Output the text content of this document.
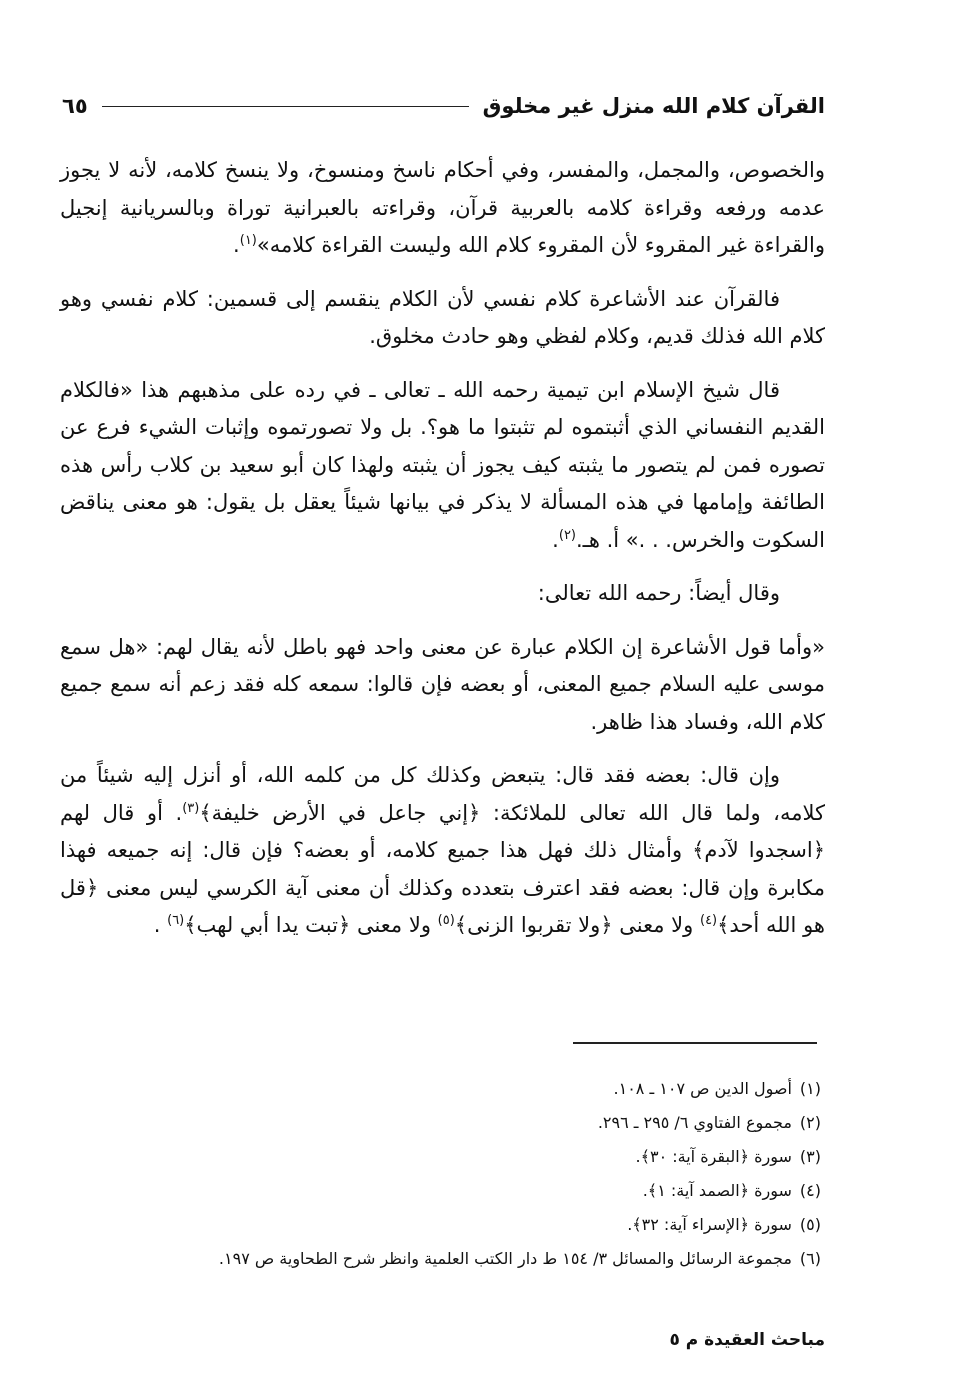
القرآن كلام الله منزل غير مخلوق
٦٥

والخصوص، والمجمل، والمفسر، وفي أحكام ناسخ ومنسوخ، ولا ينسخ كلامه، لأنه لا يجوز عدمه ورفعه وقراءة كلامه بالعربية قرآن، وقراءته بالعبرانية توراة وبالسريانية إنجيل والقراءة غير المقروء لأن المقروء كلام الله وليست القراءة كلامه»$^{(١)}$.

فالقرآن عند الأشاعرة كلام نفسي لأن الكلام ينقسم إلى قسمين: كلام نفسي وهو كلام الله فذلك قديم، وكلام لفظي وهو حادث مخلوق.

قال شيخ الإسلام ابن تيمية رحمه الله ـ تعالى ـ في رده على مذهبهم هذا «فالكلام القديم النفساني الذي أثبتموه لم تثبتوا ما هو؟. بل ولا تصورتموه وإثبات الشيء فرع عن تصوره فمن لم يتصور ما يثبته كيف يجوز أن يثبته ولهذا كان أبو سعيد بن كلاب رأس هذه الطائفة وإمامها في هذه المسألة لا يذكر في بيانها شيئاً يعقل بل يقول: هو معنى يناقض السكوت والخرس. . .» أ. هـ.$^{(٢)}$.

وقال أيضاً: رحمه الله تعالى:

«وأما قول الأشاعرة إن الكلام عبارة عن معنى واحد فهو باطل لأنه يقال لهم: «هل سمع موسى عليه السلام جميع المعنى، أو بعضه فإن قالوا: سمعه كله فقد زعم أنه سمع جميع كلام الله، وفساد هذا ظاهر.

وإن قال: بعضه فقد قال: يتبعض وكذلك كل من كلمه الله، أو أنزل إليه شيئاً من كلامه، ولما قال الله تعالى للملائكة: ﴿إني جاعل في الأرض خليفة﴾$^{(٣)}$. أو قال لهم ﴿اسجدوا لآدم﴾ وأمثال ذلك فهل هذا جميع كلامه، أو بعضه؟ فإن قال: إنه جميعه فهذا مكابرة وإن قال: بعضه فقد اعترف بتعدده وكذلك أن معنى آية الكرسي ليس معنى ﴿قل هو الله أحد﴾$^{(٤)}$ ولا معنى ﴿ولا تقربوا الزنى﴾$^{(٥)}$ ولا معنى ﴿تبت يدا أبي لهب﴾$^{(٦)}$ .

(١)أصول الدين ص ١٠٧ ـ ١٠٨.
(٢)مجموع الفتاوي ٦/ ٢٩٥ ـ ٢٩٦.
(٣)سورة ﴿البقرة آية: ٣٠﴾.
(٤)سورة ﴿الصمد آية: ١﴾.
(٥)سورة ﴿الإسراء آية: ٣٢﴾.
(٦)مجموعة الرسائل والمسائل ٣/ ١٥٤ ط دار الكتب العلمية وانظر شرح الطحاوية ص ١٩٧.
مباحث العقيدة م ٥
